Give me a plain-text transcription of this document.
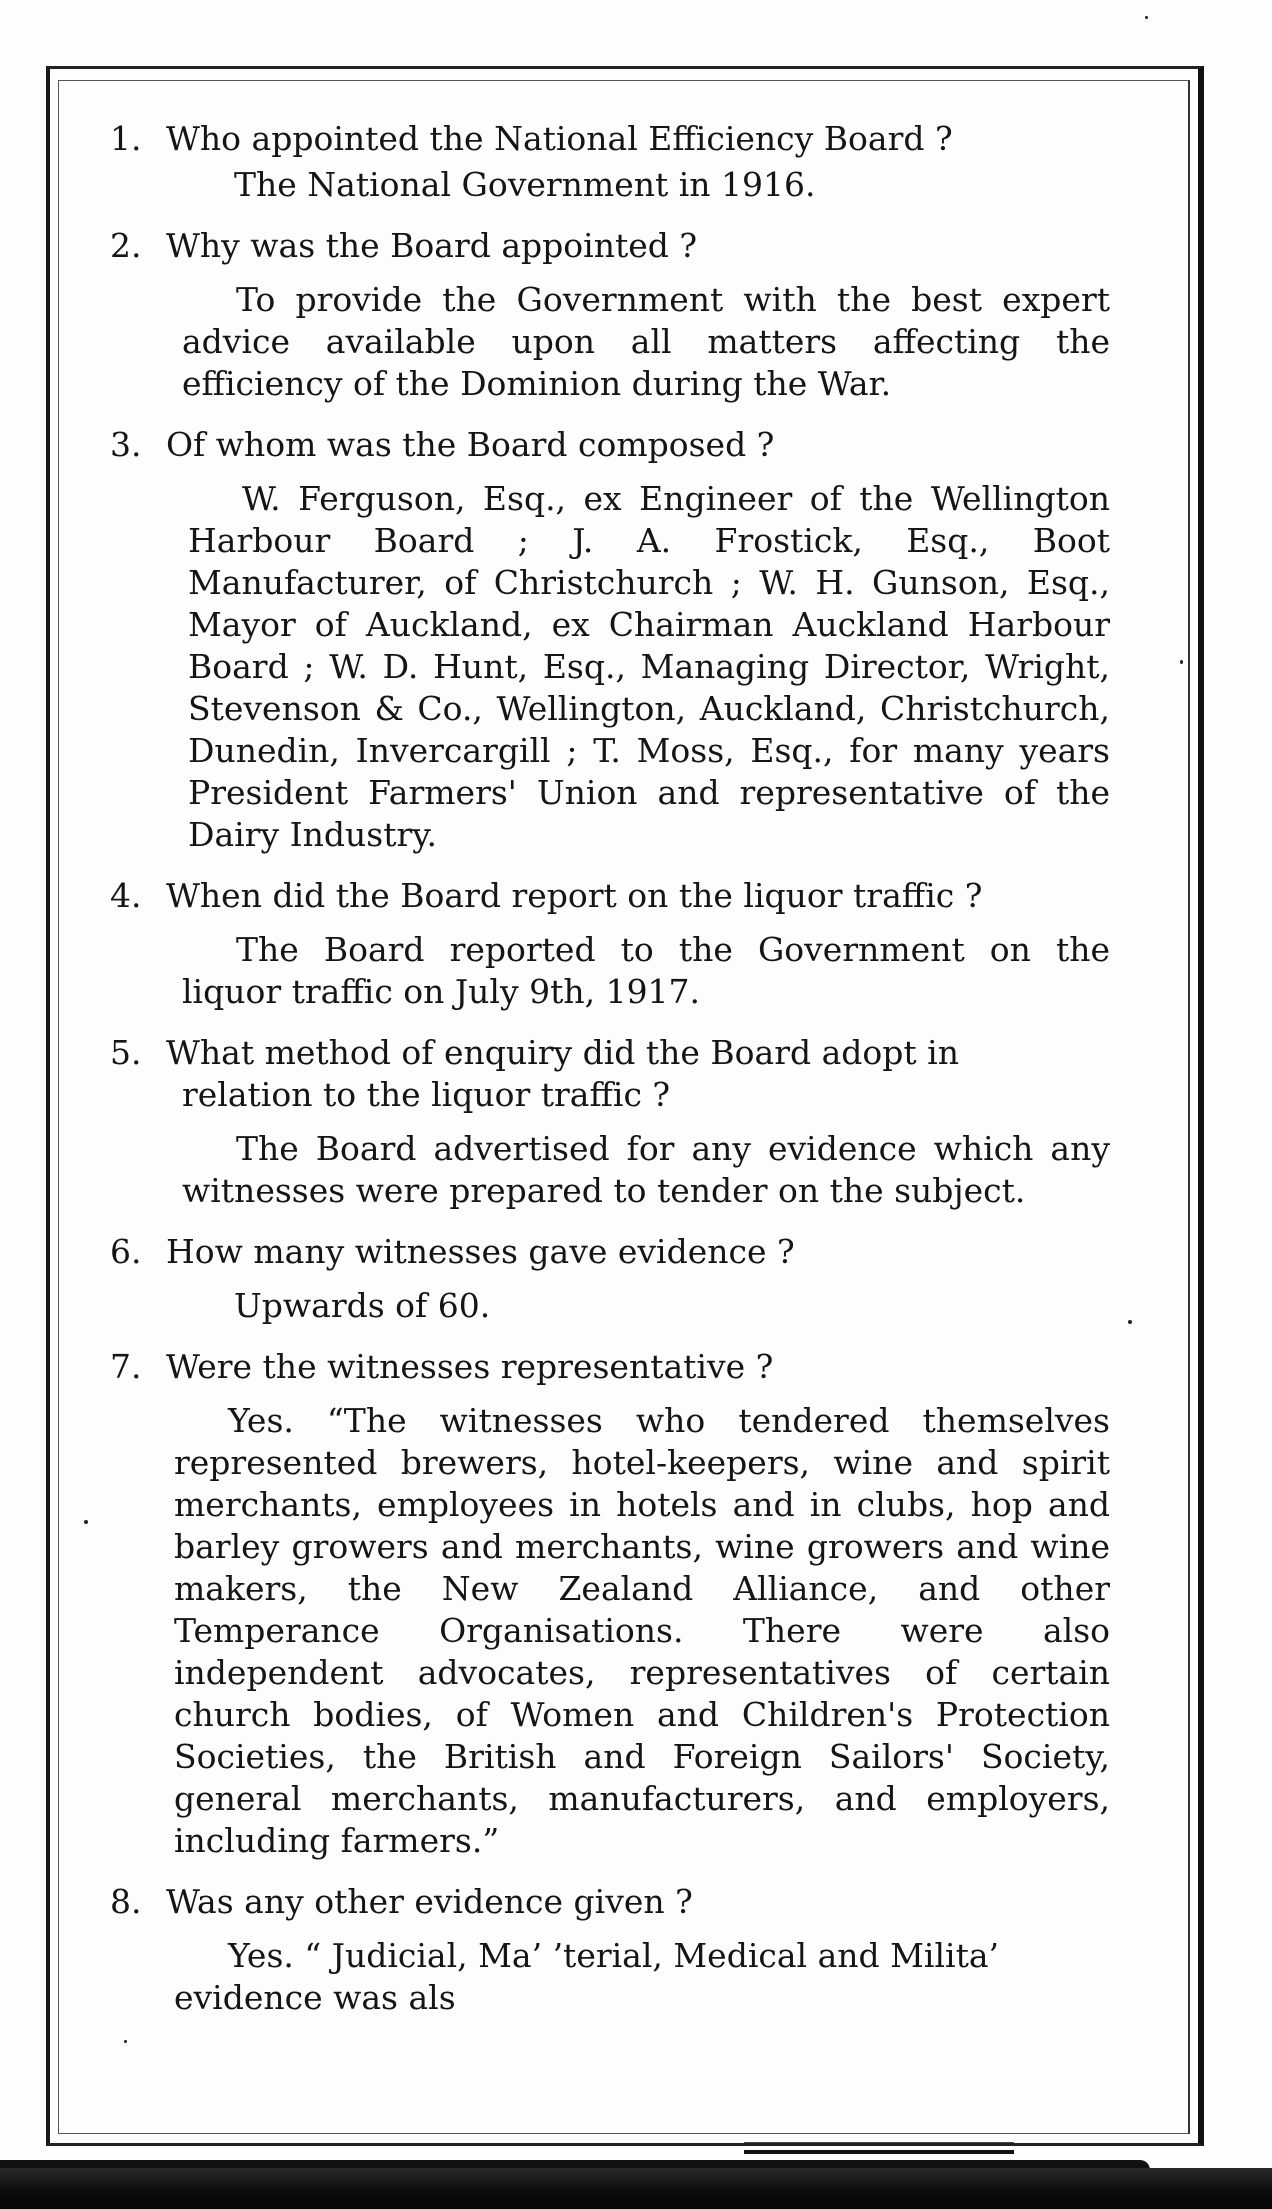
1. Who appointed the National Efficiency Board ?
The National Government in 1916.
2. Why was the Board appointed ?
To provide the Government with the best expert advice available upon all matters affecting the efficiency of the Dominion during the War.
3. Of whom was the Board composed ?
W. Ferguson, Esq., ex Engineer of the Wellington Harbour Board ; J. A. Frostick, Esq., Boot Manufacturer, of Christchurch ; W. H. Gunson, Esq., Mayor of Auckland, ex Chairman Auckland Harbour Board ; W. D. Hunt, Esq., Managing Director, Wright, Stevenson & Co., Wellington, Auckland, Christchurch, Dunedin, Invercargill ; T. Moss, Esq., for many years President Farmers' Union and representative of the Dairy Industry.
4. When did the Board report on the liquor traffic ?
The Board reported to the Government on the liquor traffic on July 9th, 1917.
5. What method of enquiry did the Board adopt in
relation to the liquor traffic ?
The Board advertised for any evidence which any witnesses were prepared to tender on the subject.
6. How many witnesses gave evidence ?
Upwards of 60.
7. Were the witnesses representative ?
Yes. “The witnesses who tendered themselves represented brewers, hotel-keepers, wine and spirit merchants, employees in hotels and in clubs, hop and barley growers and merchants, wine growers and wine makers, the New Zealand Alliance, and other Temperance Organisations. There were also independent advocates, representatives of certain church bodies, of Women and Children's Protection Societies, the British and Foreign Sailors' Society, general merchants, manufacturers, and employers, including farmers.”
8. Was any other evidence given ?
Yes. “ Judicial, Ma’ ’terial, Medical and Milita’ evidence was als
